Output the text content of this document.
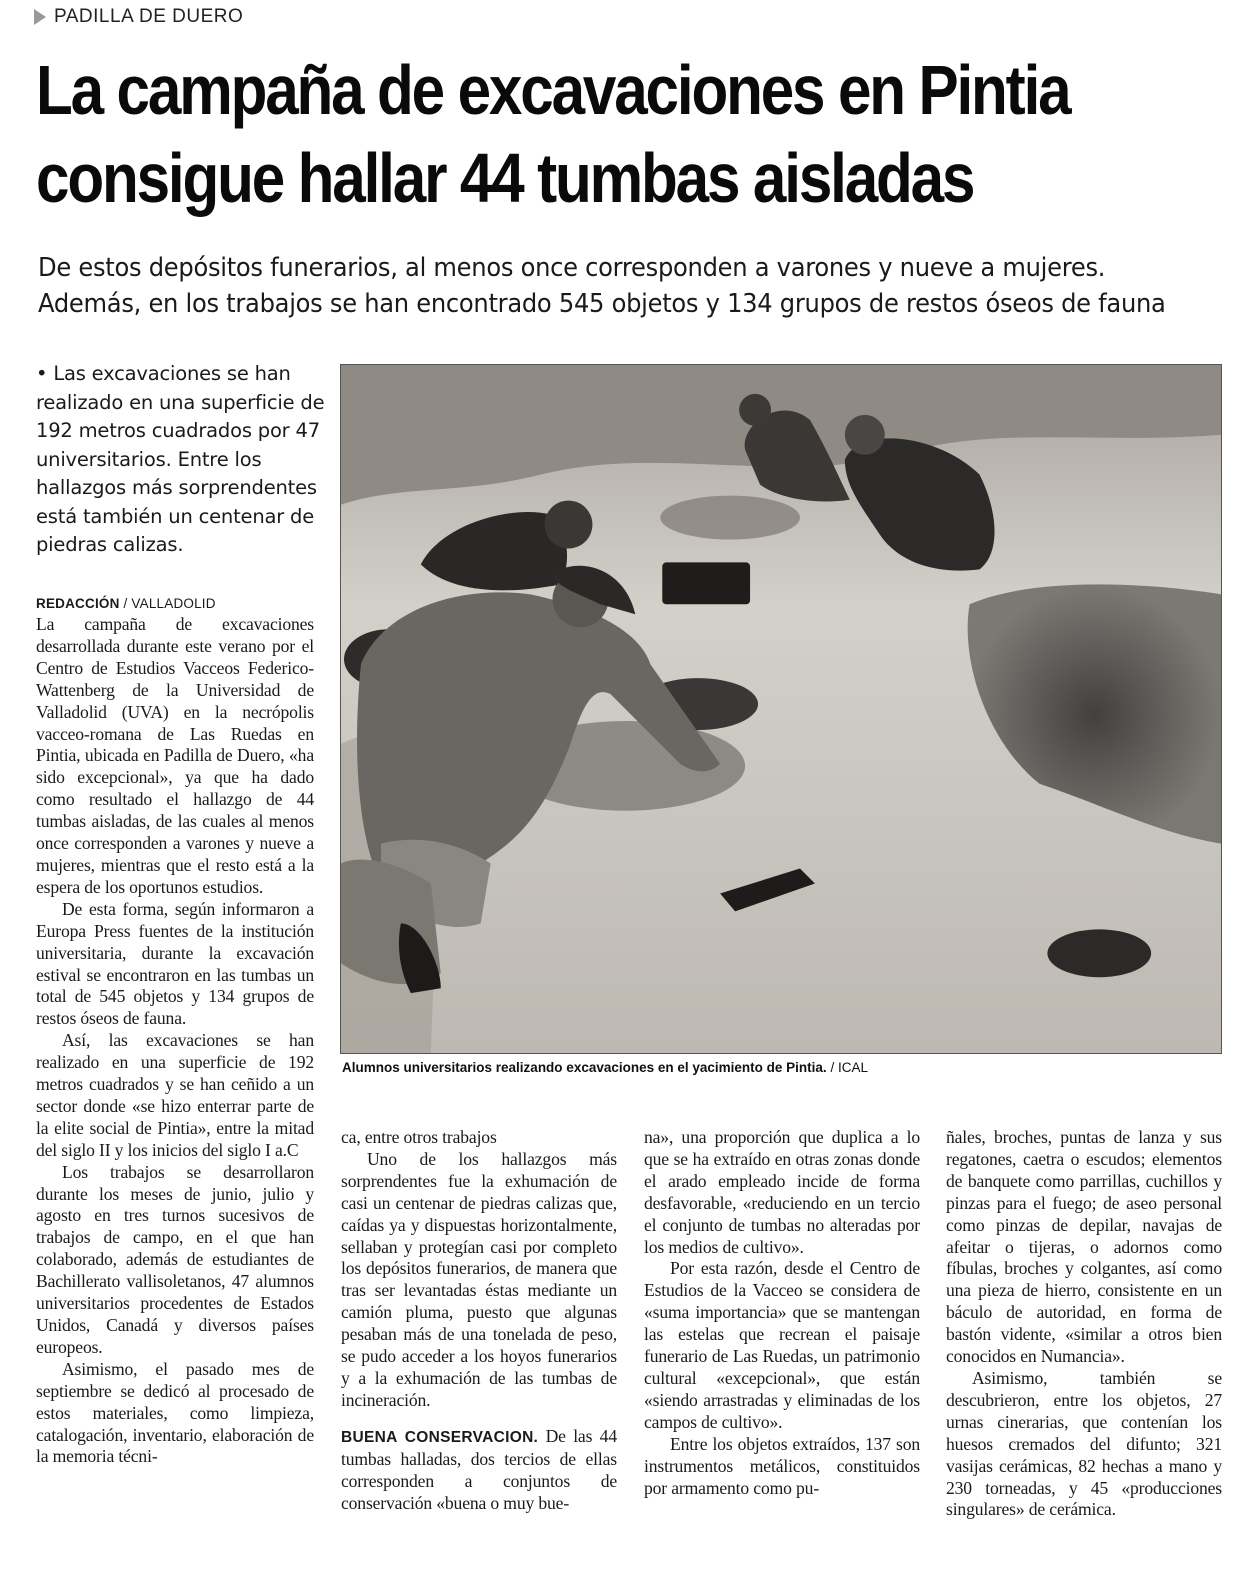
PADILLA DE DUERO
La campaña de excavaciones en Pintia
consigue hallar 44 tumbas aisladas
De estos depósitos funerarios, al menos once corresponden a varones y nueve a mujeres.
Además, en los trabajos se han encontrado 545 objetos y 134 grupos de restos óseos de fauna
• Las excavaciones se han realizado en una superficie de 192 metros cuadrados por 47 universitarios. Entre los hallazgos más sorprendentes está también un centenar de piedras calizas.
REDACCIÓN / VALLADOLID

La campaña de excavaciones desarrollada durante este verano por el Centro de Estudios Vacceos Federico-Wattenberg de la Universidad de Valladolid (UVA) en la necrópolis vacceo-romana de Las Ruedas en Pintia, ubicada en Padilla de Duero, «ha sido excepcional», ya que ha dado como resultado el hallazgo de 44 tumbas aisladas, de las cuales al menos once corresponden a varones y nueve a mujeres, mientras que el resto está a la espera de los oportunos estudios.

De esta forma, según informaron a Europa Press fuentes de la institución universitaria, durante la excavación estival se encontraron en las tumbas un total de 545 objetos y 134 grupos de restos óseos de fauna.

Así, las excavaciones se han realizado en una superficie de 192 metros cuadrados y se han ceñido a un sector donde «se hizo enterrar parte de la elite social de Pintia», entre la mitad del siglo II y los inicios del siglo I a.C

Los trabajos se desarrollaron durante los meses de junio, julio y agosto en tres turnos sucesivos de trabajos de campo, en el que han colaborado, además de estudiantes de Bachillerato vallisoletanos, 47 alumnos universitarios procedentes de Estados Unidos, Canadá y diversos países europeos.

Asimismo, el pasado mes de septiembre se dedicó al procesado de estos materiales, como limpieza, catalogación, inventario, elaboración de la memoria técni-

Alumnos universitarios realizando excavaciones en el yacimiento de Pintia. / ICAL

ca, entre otros trabajos

Uno de los hallazgos más sorprendentes fue la exhumación de casi un centenar de piedras calizas que, caídas ya y dispuestas horizontalmente, sellaban y protegían casi por completo los depósitos funerarios, de manera que tras ser levantadas éstas mediante un camión pluma, puesto que algunas pesaban más de una tonelada de peso, se pudo acceder a los hoyos funerarios y a la exhumación de las tumbas de incineración.

BUENA CONSERVACION. De las 44 tumbas halladas, dos tercios de ellas corresponden a conjuntos de conservación «buena o muy bue-

na», una proporción que duplica a lo que se ha extraído en otras zonas donde el arado empleado incide de forma desfavorable, «reduciendo en un tercio el conjunto de tumbas no alteradas por los medios de cultivo».

Por esta razón, desde el Centro de Estudios de la Vacceo se considera de «suma importancia» que se mantengan las estelas que recrean el paisaje funerario de Las Ruedas, un patrimonio cultural «excepcional», que están «siendo arrastradas y eliminadas de los campos de cultivo».

Entre los objetos extraídos, 137 son instrumentos metálicos, constituidos por armamento como pu-

ñales, broches, puntas de lanza y sus regatones, caetra o escudos; elementos de banquete como parrillas, cuchillos y pinzas para el fuego; de aseo personal como pinzas de depilar, navajas de afeitar o tijeras, o adornos como fíbulas, broches y colgantes, así como una pieza de hierro, consistente en un báculo de autoridad, en forma de bastón vidente, «similar a otros bien conocidos en Numancia».

Asimismo, también se descubrieron, entre los objetos, 27 urnas cinerarias, que contenían los huesos cremados del difunto; 321 vasijas cerámicas, 82 hechas a mano y 230 torneadas, y 45 «producciones singulares» de cerámica.
